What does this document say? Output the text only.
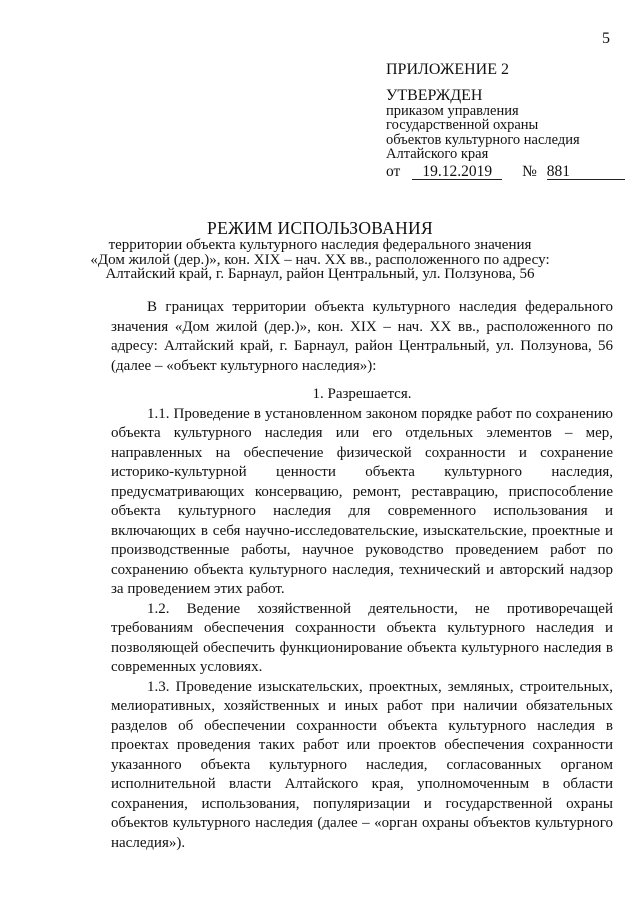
5
ПРИЛОЖЕНИЕ 2
УТВЕРЖДЕН
приказом управления
государственной охраны
объектов культурного наследия
Алтайского края
от 19.12.2019 № 881
РЕЖИМ ИСПОЛЬЗОВАНИЯ
территории объекта культурного наследия федерального значения
«Дом жилой (дер.)», кон. XIX – нач. XX вв., расположенного по адресу:
Алтайский край, г. Барнаул, район Центральный, ул. Ползунова, 56

В границах территории объекта культурного наследия федерального значения «Дом жилой (дер.)», кон. XIX – нач. XX вв., расположенного по адресу: Алтайский край, г. Барнаул, район Центральный, ул. Ползунова, 56 (далее – «объект культурного наследия»):

1. Разрешается.

1.1. Проведение в установленном законом порядке работ по сохранению объекта культурного наследия или его отдельных элементов – мер, направленных на обеспечение физической сохранности и сохранение историко-культурной ценности объекта культурного наследия, предусматривающих консервацию, ремонт, реставрацию, приспособление объекта культурного наследия для современного использования и включающих в себя научно-исследовательские, изыскательские, проектные и производственные работы, научное руководство проведением работ по сохранению объекта культурного наследия, технический и авторский надзор за проведением этих работ.

1.2. Ведение хозяйственной деятельности, не противоречащей требованиям обеспечения сохранности объекта культурного наследия и позволяющей обеспечить функционирование объекта культурного наследия в современных условиях.

1.3. Проведение изыскательских, проектных, земляных, строительных, мелиоративных, хозяйственных и иных работ при наличии обязательных разделов об обеспечении сохранности объекта культурного наследия в проектах проведения таких работ или проектов обеспечения сохранности указанного объекта культурного наследия, согласованных органом исполнительной власти Алтайского края, уполномоченным в области сохранения, использования, популяризации и государственной охраны объектов культурного наследия (далее – «орган охраны объектов культурного наследия»).
